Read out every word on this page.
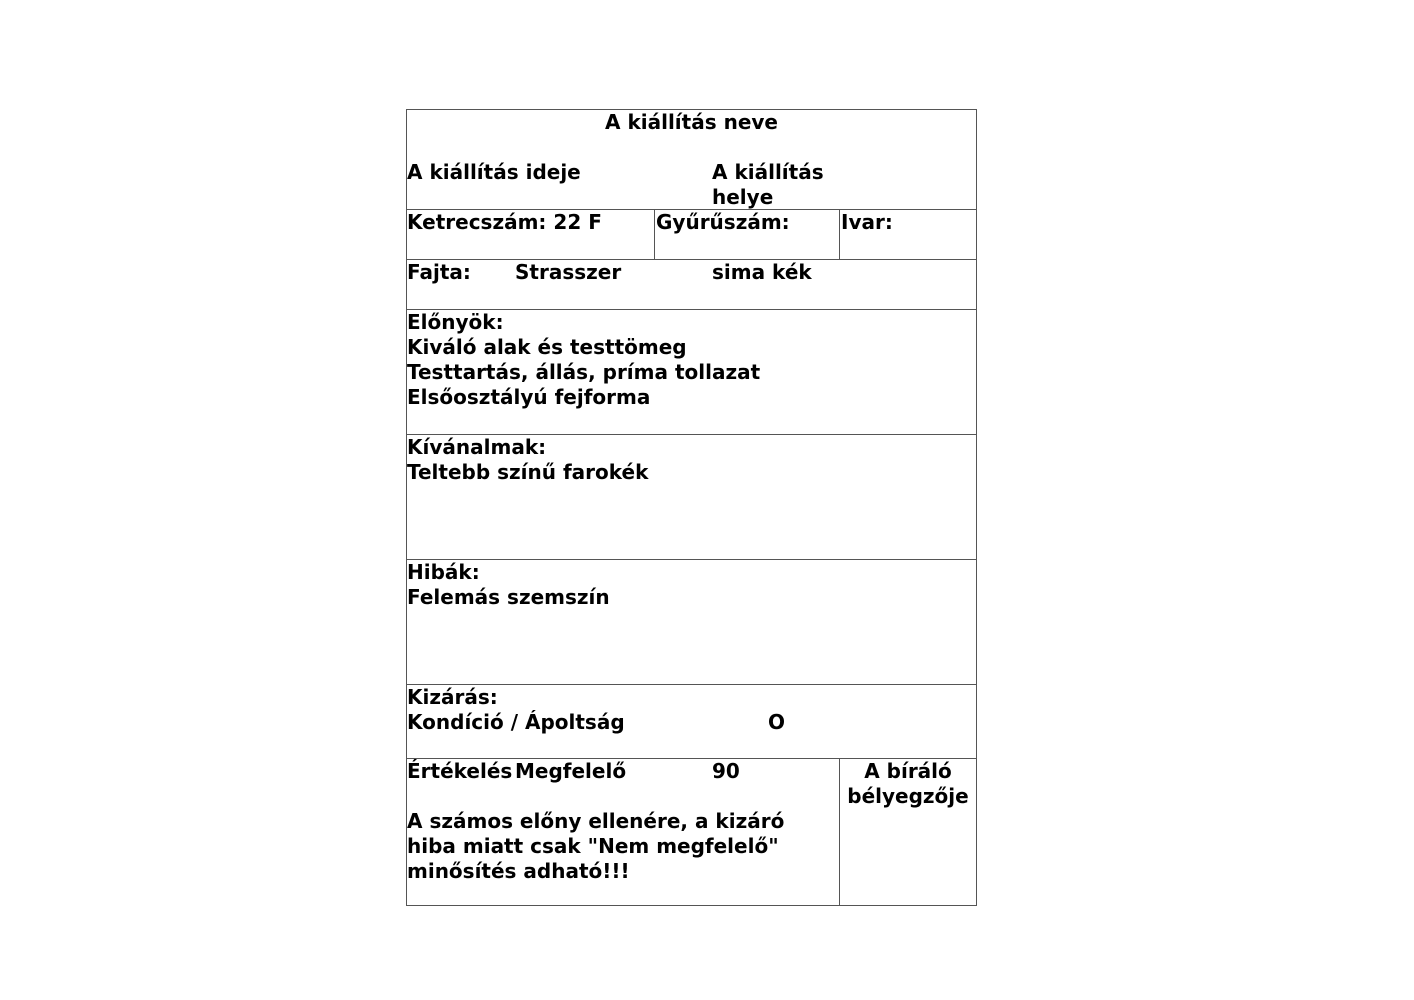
A kiállítás neve
A kiállítás ideje	A kiállítás
helye
Ketrecszám: 22 F	Gyűrűszám:	Ivar:
Fajta: Strasszer	sima kék
Előnyök:
Kiváló alak és testtömeg
Testtartás, állás, príma tollazat
Elsőosztályú fejforma
Kívánalmak:
Teltebb színű farokék
Hibák:
Felemás szemszín
Kizárás:
Kondíció / Ápoltság	O
Értékelés Megfelelő	90
A számos előny ellenére, a kizáró
hiba miatt csak "Nem megfelelő"
minősítés adható!!!
A bíráló
bélyegzője
